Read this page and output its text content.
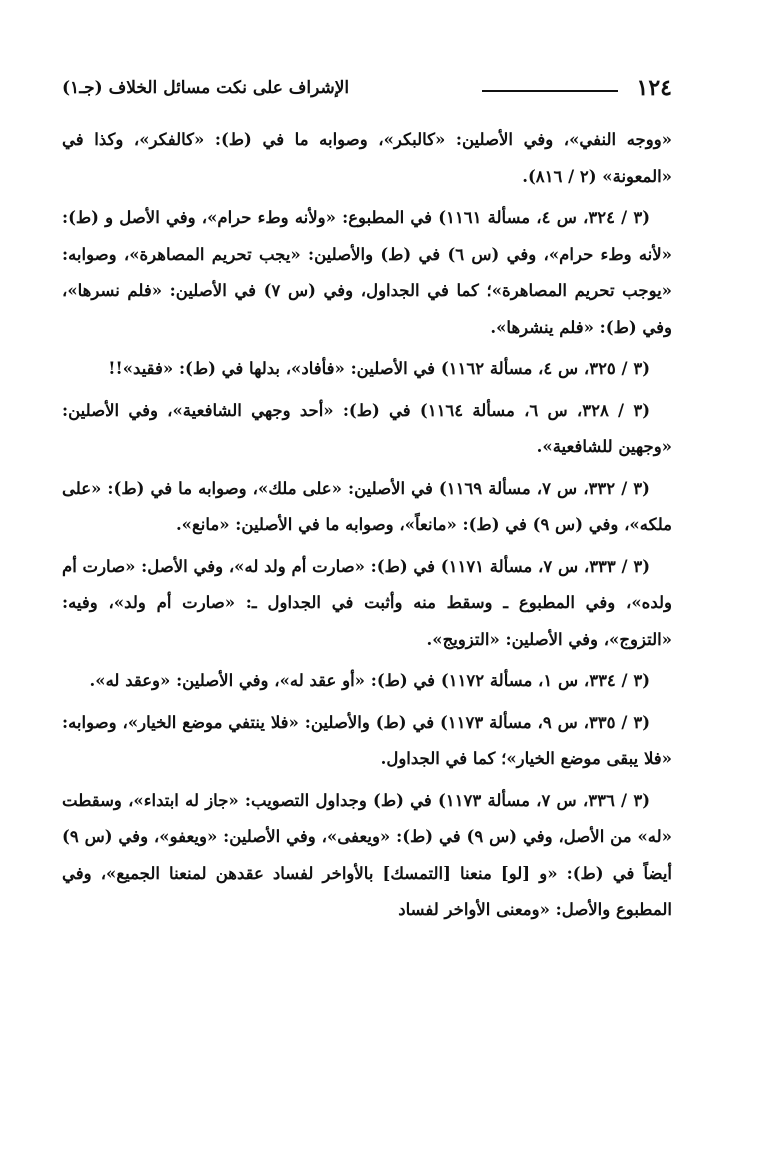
١٢٤
الإشراف على نكت مسائل الخلاف (جـ١)

«ووجه النفي»، وفي الأصلين: «كالبكر»، وصوابه ما في (ط): «كالفكر»، وكذا في «المعونة» (٢ / ٨١٦).

(٣ / ٣٢٤، س ٤، مسألة ١١٦١) في المطبوع: «ولأنه وطء حرام»، وفي الأصل و (ط): «لأنه وطء حرام»، وفي (س ٦) في (ط) والأصلين: «يجب تحريم المصاهرة»، وصوابه: «يوجب تحريم المصاهرة»؛ كما في الجداول، وفي (س ٧) في الأصلين: «فلم نسرها»، وفي (ط): «فلم ينشرها».

(٣ / ٣٢٥، س ٤، مسألة ١١٦٢) في الأصلين: «فأفاد»، بدلها في (ط): «فقيد»!!

(٣ / ٣٢٨، س ٦، مسألة ١١٦٤) في (ط): «أحد وجهي الشافعية»، وفي الأصلين: «وجهين للشافعية».

(٣ / ٣٣٢، س ٧، مسألة ١١٦٩) في الأصلين: «على ملك»، وصوابه ما في (ط): «على ملكه»، وفي (س ٩) في (ط): «مانعاً»، وصوابه ما في الأصلين: «مانع».

(٣ / ٣٣٣، س ٧، مسألة ١١٧١) في (ط): «صارت أم ولد له»، وفي الأصل: «صارت أم ولده»، وفي المطبوع ـ وسقط منه وأثبت في الجداول ـ: «صارت أم ولد»، وفيه: «التزوج»، وفي الأصلين: «التزويج».

(٣ / ٣٣٤، س ١، مسألة ١١٧٢) في (ط): «أو عقد له»، وفي الأصلين: «وعقد له».

(٣ / ٣٣٥، س ٩، مسألة ١١٧٣) في (ط) والأصلين: «فلا ينتفي موضع الخيار»، وصوابه: «فلا يبقى موضع الخيار»؛ كما في الجداول.

(٣ / ٣٣٦، س ٧، مسألة ١١٧٣) في (ط) وجداول التصويب: «جاز له ابتداء»، وسقطت «له» من الأصل، وفي (س ٩) في (ط): «ويعفى»، وفي الأصلين: «ويعفو»، وفي (س ٩) أيضاً في (ط): «و [لو] منعنا [التمسك] بالأواخر لفساد عقدهن لمنعنا الجميع»، وفي المطبوع والأصل: «ومعنى الأواخر لفساد
